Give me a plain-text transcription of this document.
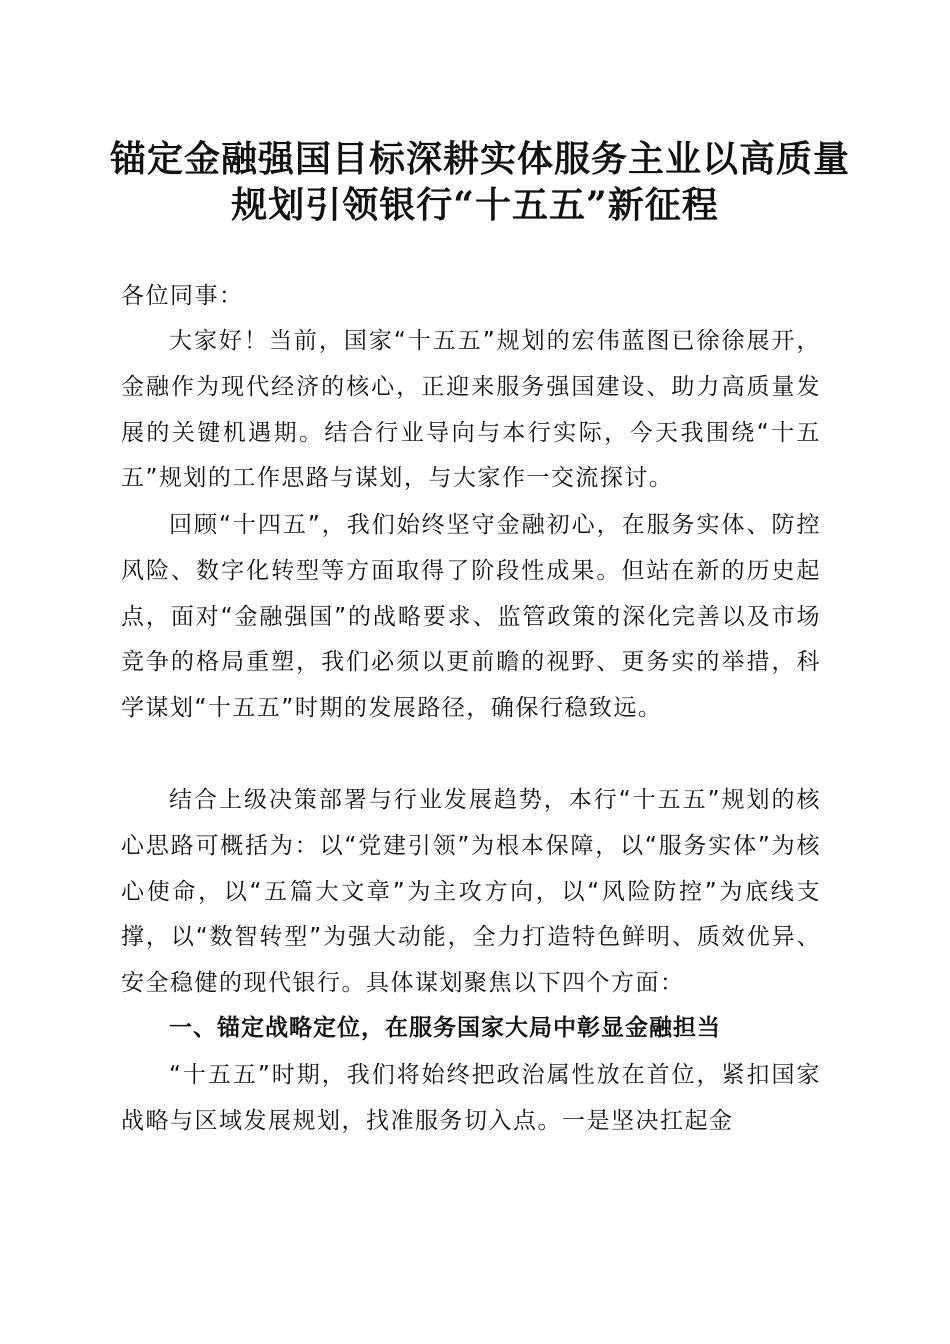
锚定金融强国目标深耕实体服务主业以高质量
规划引领银行“十五五”新征程
各位同事：
大家好！当前，国家“十五五”规划的宏伟蓝图已徐徐展开，金融作为现代经济的核心，正迎来服务强国建设、助力高质量发展的关键机遇期。结合行业导向与本行实际，今天我围绕“十五五”规划的工作思路与谋划，与大家作一交流探讨。
回顾“十四五”，我们始终坚守金融初心，在服务实体、防控风险、数字化转型等方面取得了阶段性成果。但站在新的历史起点，面对“金融强国”的战略要求、监管政策的深化完善以及市场竞争的格局重塑，我们必须以更前瞻的视野、更务实的举措，科学谋划“十五五”时期的发展路径，确保行稳致远。
结合上级决策部署与行业发展趋势，本行“十五五”规划的核心思路可概括为：以“党建引领”为根本保障，以“服务实体”为核心使命，以“五篇大文章”为主攻方向，以“风险防控”为底线支撑，以“数智转型”为强大动能，全力打造特色鲜明、质效优异、安全稳健的现代银行。具体谋划聚焦以下四个方面：
一、锚定战略定位，在服务国家大局中彰显金融担当
“十五五”时期，我们将始终把政治属性放在首位，紧扣国家战略与区域发展规划，找准服务切入点。一是坚决扛起金
